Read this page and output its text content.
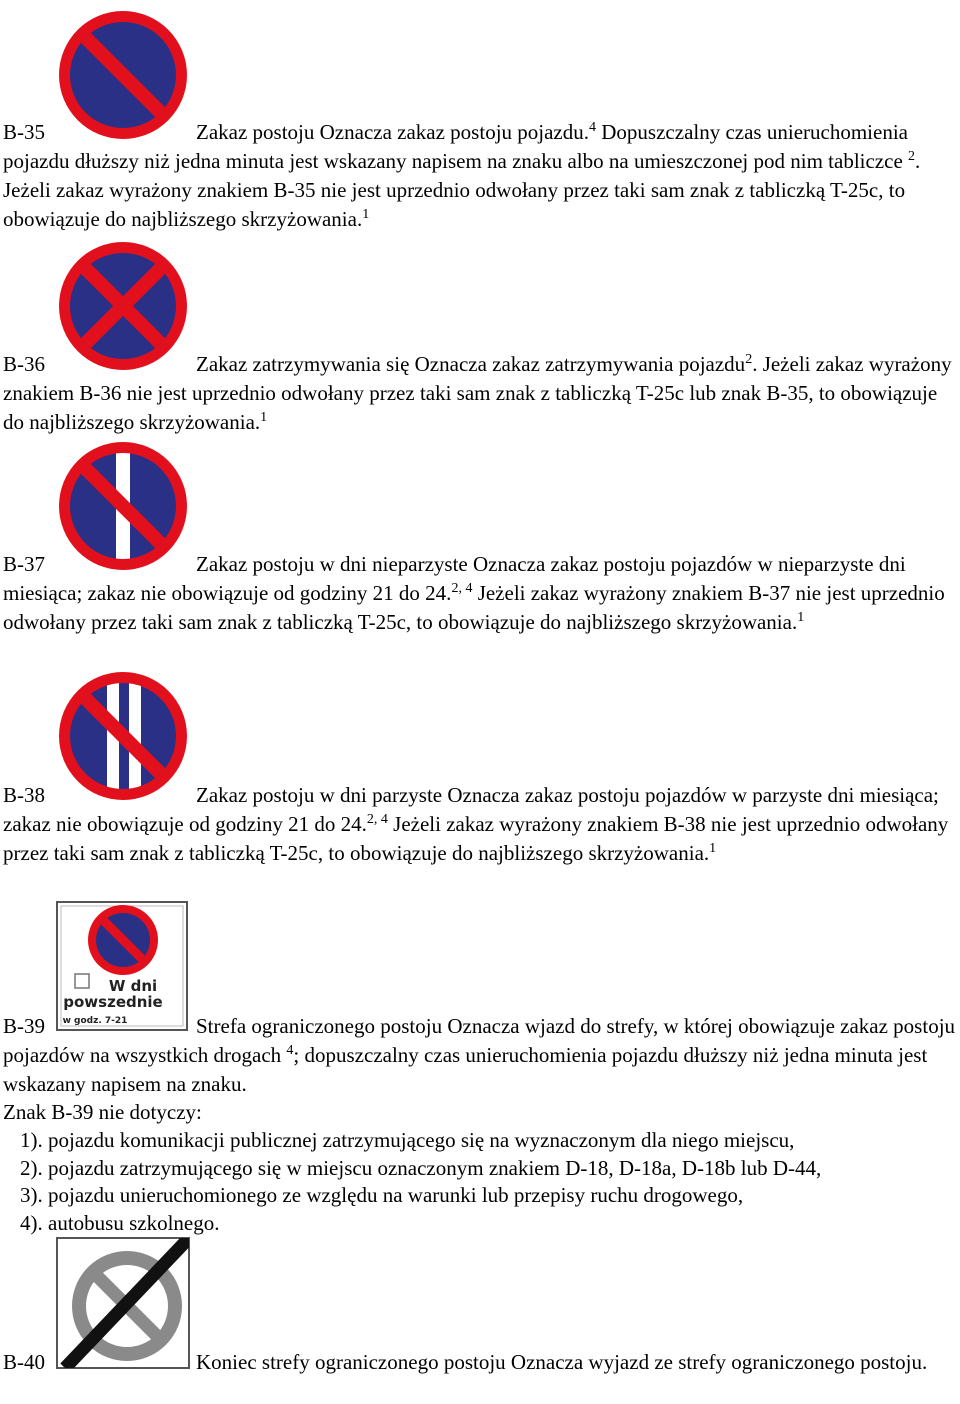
B-35	Zakaz postoju Oznacza zakaz postoju pojazdu.$^4$ Dopuszczalny czas unieruchomienia pojazdu dłuższy niż jedna minuta jest wskazany napisem na znaku albo na umieszczonej pod nim tabliczce $^2$. Jeżeli zakaz wyrażony znakiem B-35 nie jest uprzednio odwołany przez taki sam znak z tabliczką T-25c, to obowiązuje do najbliższego skrzyżowania.$^1$
B-36	Zakaz zatrzymywania się Oznacza zakaz zatrzymywania pojazdu$^2$. Jeżeli zakaz wyrażony znakiem B-36 nie jest uprzednio odwołany przez taki sam znak z tabliczką T-25c lub znak B-35, to obowiązuje do najbliższego skrzyżowania.$^1$
B-37	Zakaz postoju w dni nieparzyste Oznacza zakaz postoju pojazdów w nieparzyste dni miesiąca; zakaz nie obowiązuje od godziny 21 do 24.$^{2, 4}$ Jeżeli zakaz wyrażony znakiem B-37 nie jest uprzednio odwołany przez taki sam znak z tabliczką T-25c, to obowiązuje do najbliższego skrzyżowania.$^1$
B-38	Zakaz postoju w dni parzyste Oznacza zakaz postoju pojazdów w parzyste dni miesiąca; zakaz nie obowiązuje od godziny 21 do 24.$^{2, 4}$ Jeżeli zakaz wyrażony znakiem B-38 nie jest uprzednio odwołany przez taki sam znak z tabliczką T-25c, to obowiązuje do najbliższego skrzyżowania.$^1$
W dni
powszednie
w godz. 7-21
B-39	Strefa ograniczonego postoju Oznacza wjazd do strefy, w której obowiązuje zakaz postoju pojazdów na wszystkich drogach $^4$; dopuszczalny czas unieruchomienia pojazdu dłuższy niż jedna minuta jest wskazany napisem na znaku.
Znak B-39 nie dotyczy:
1). pojazdu komunikacji publicznej zatrzymującego się na wyznaczonym dla niego miejscu,
2). pojazdu zatrzymującego się w miejscu oznaczonym znakiem D-18, D-18a, D-18b lub D-44,
3). pojazdu unieruchomionego ze względu na warunki lub przepisy ruchu drogowego,
4). autobusu szkolnego.
B-40	Koniec strefy ograniczonego postoju Oznacza wyjazd ze strefy ograniczonego postoju.
